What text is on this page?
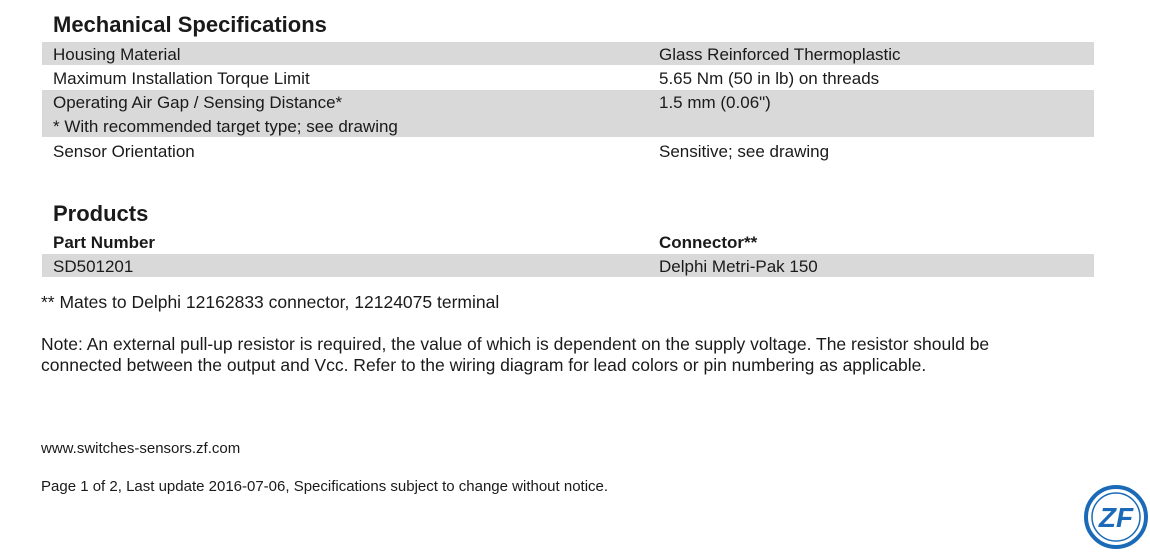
Mechanical Specifications
Housing Material	Glass Reinforced Thermoplastic
Maximum Installation Torque Limit	5.65 Nm (50 in lb) on threads
Operating Air Gap / Sensing Distance*	1.5 mm (0.06")
* With recommended target type; see drawing
Sensor Orientation	Sensitive; see drawing
Products
Part Number	Connector**
SD501201	Delphi Metri-Pak 150
** Mates to Delphi 12162833 connector, 12124075 terminal
Note: An external pull-up resistor is required, the value of which is dependent on the supply voltage. The resistor should be
connected between the output and Vcc. Refer to the wiring diagram for lead colors or pin numbering as applicable.
www.switches-sensors.zf.com
Page 1 of 2, Last update 2016-07-06, Specifications subject to change without notice.
ZF
